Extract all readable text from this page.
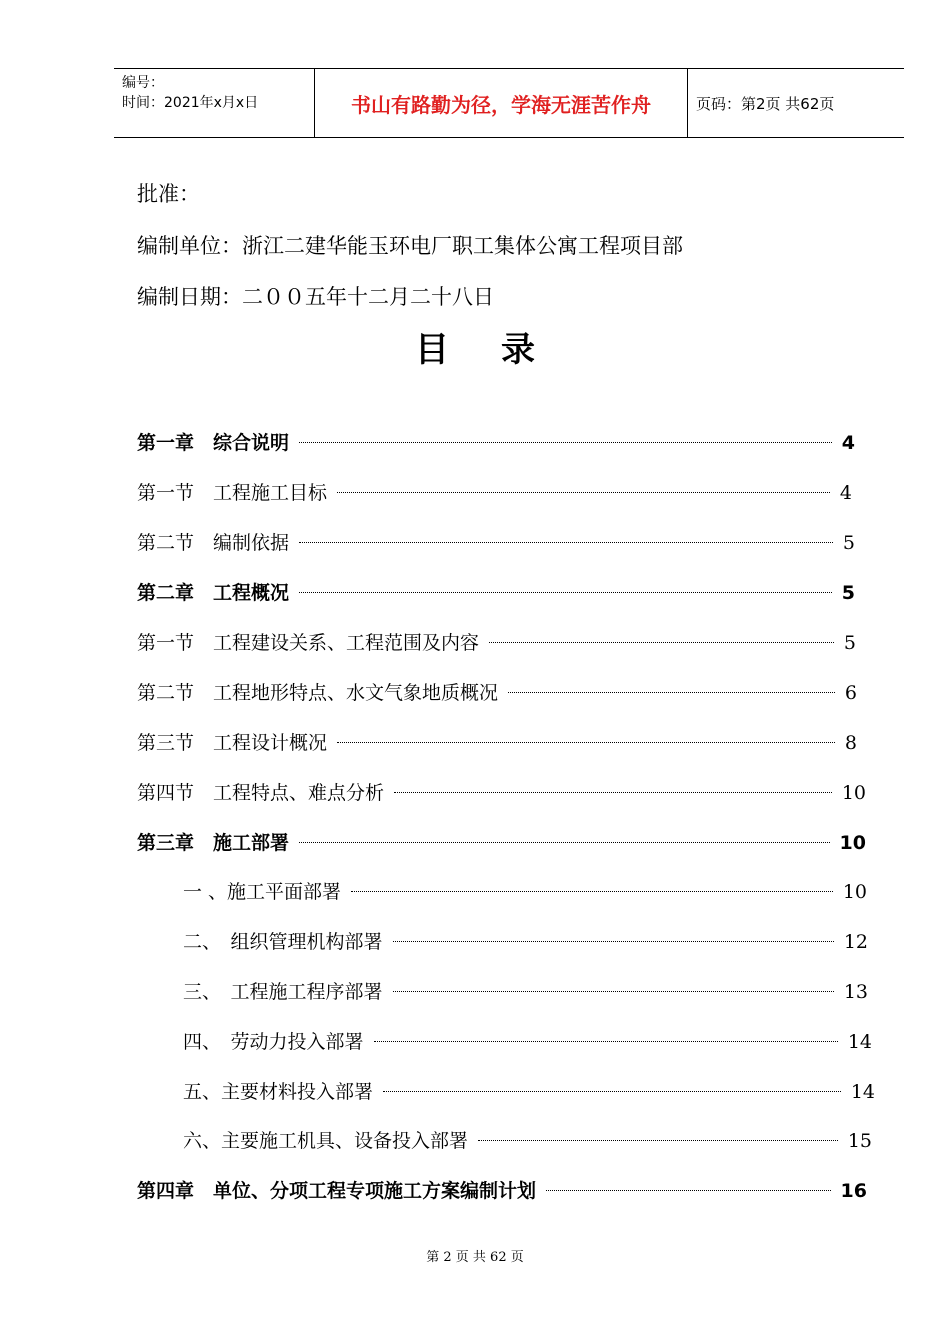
编号：
时间：2021年x月x日	书山有路勤为径，学海无涯苦作舟	页码：第2页 共62页
批准：
编制单位：浙江二建华能玉环电厂职工集体公寓工程项目部
编制日期：二００五年十二月二十八日
目录
第一章　综合说明	4
第一节　工程施工目标	4
第二节　编制依据	5
第二章　工程概况	5
第一节　工程建设关系、工程范围及内容	5
第二节　工程地形特点、水文气象地质概况	6
第三节　工程设计概况	8
第四节　工程特点、难点分析	10
第三章　施工部署	10
一 、施工平面部署	10
二、　组织管理机构部署	12
三、　工程施工程序部署	13
四、　劳动力投入部署	14
五、主要材料投入部署	14
六、主要施工机具、设备投入部署	15
第四章　单位、分项工程专项施工方案编制计划	16
第 2 页 共 62 页
